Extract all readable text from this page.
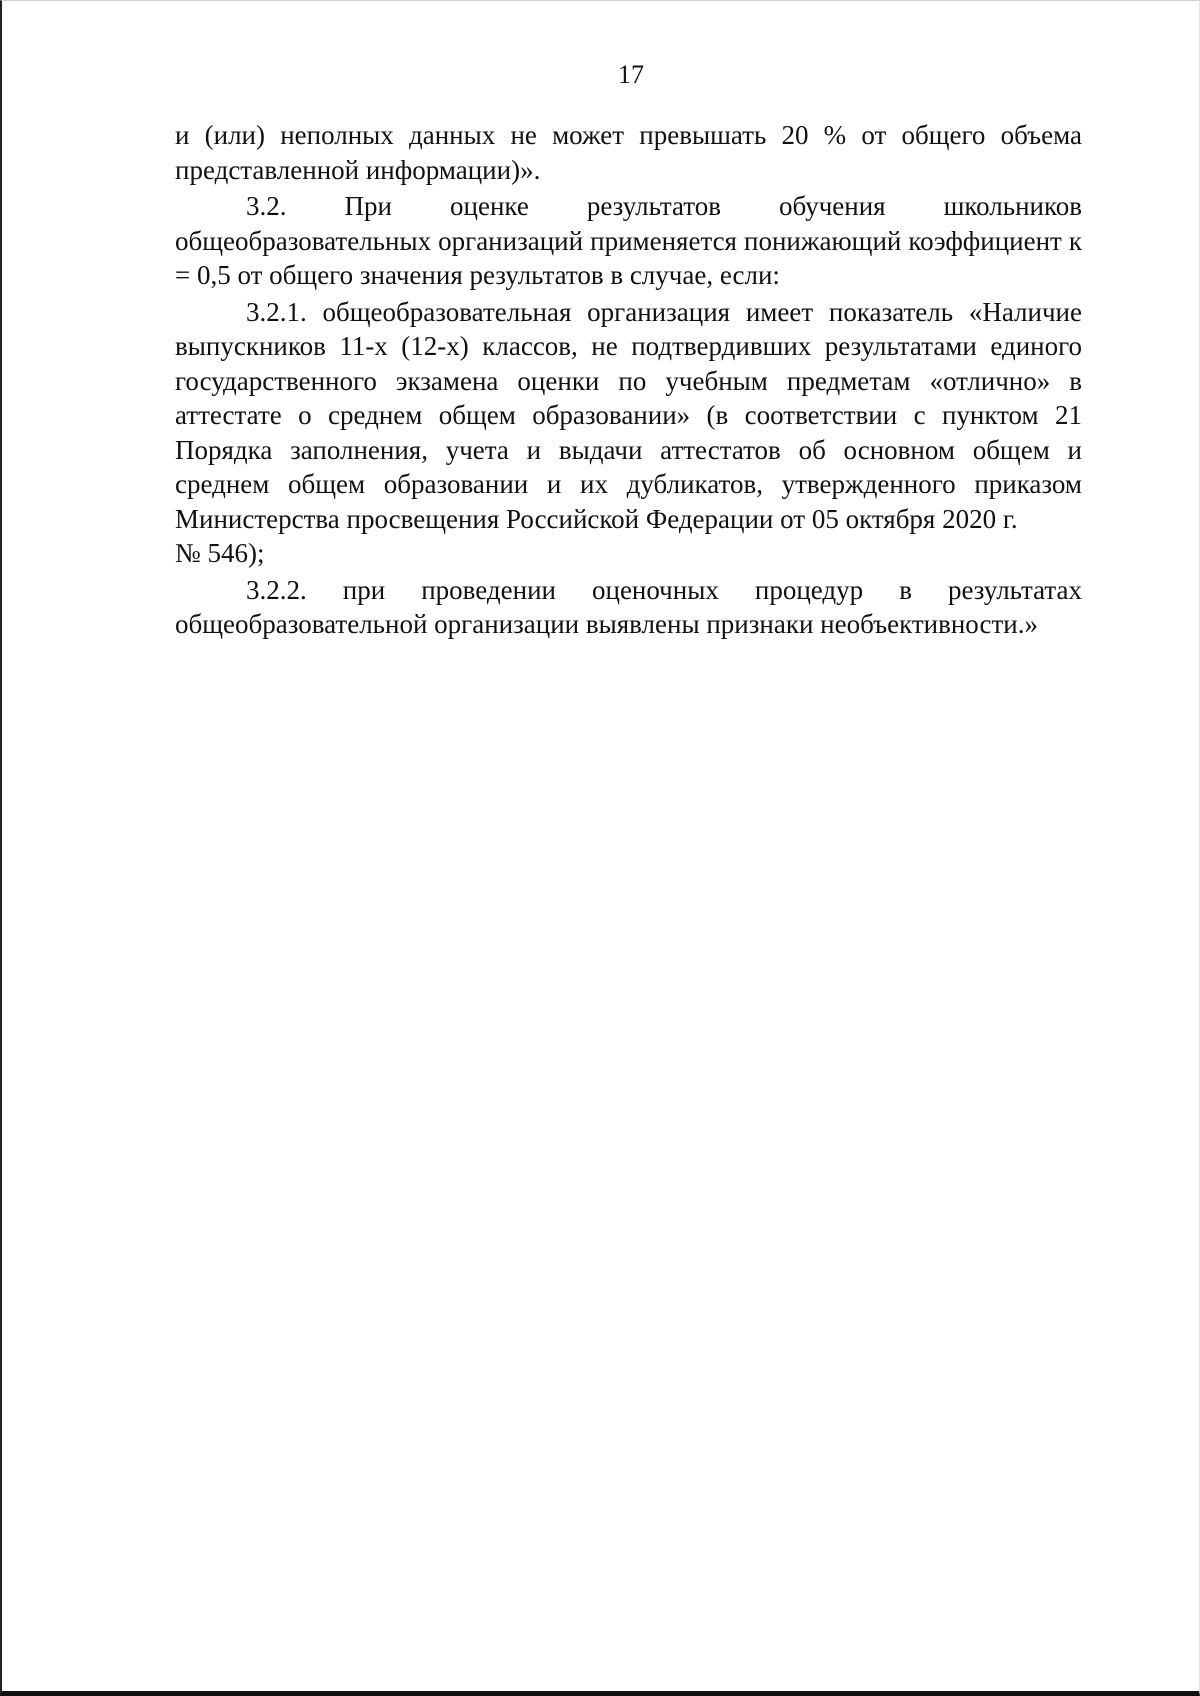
17

и (или) неполных данных не может превышать 20 % от общего объема представленной информации)».

3.2. При оценке результатов обучения школьников общеобразовательных организаций применяется понижающий коэффициент к = 0,5 от общего значения результатов в случае, если:

3.2.1. общеобразовательная организация имеет показатель «Наличие выпускников 11-х (12-х) классов, не подтвердивших результатами единого государственного экзамена оценки по учебным предметам «отлично» в аттестате о среднем общем образовании» (в соответствии с пунктом 21 Порядка заполнения, учета и выдачи аттестатов об основном общем и среднем общем образовании и их дубликатов, утвержденного приказом Министерства просвещения Российской Федерации от 05 октября 2020 г.
№ 546);

3.2.2. при проведении оценочных процедур в результатах общеобразовательной организации выявлены признаки необъективности.»
